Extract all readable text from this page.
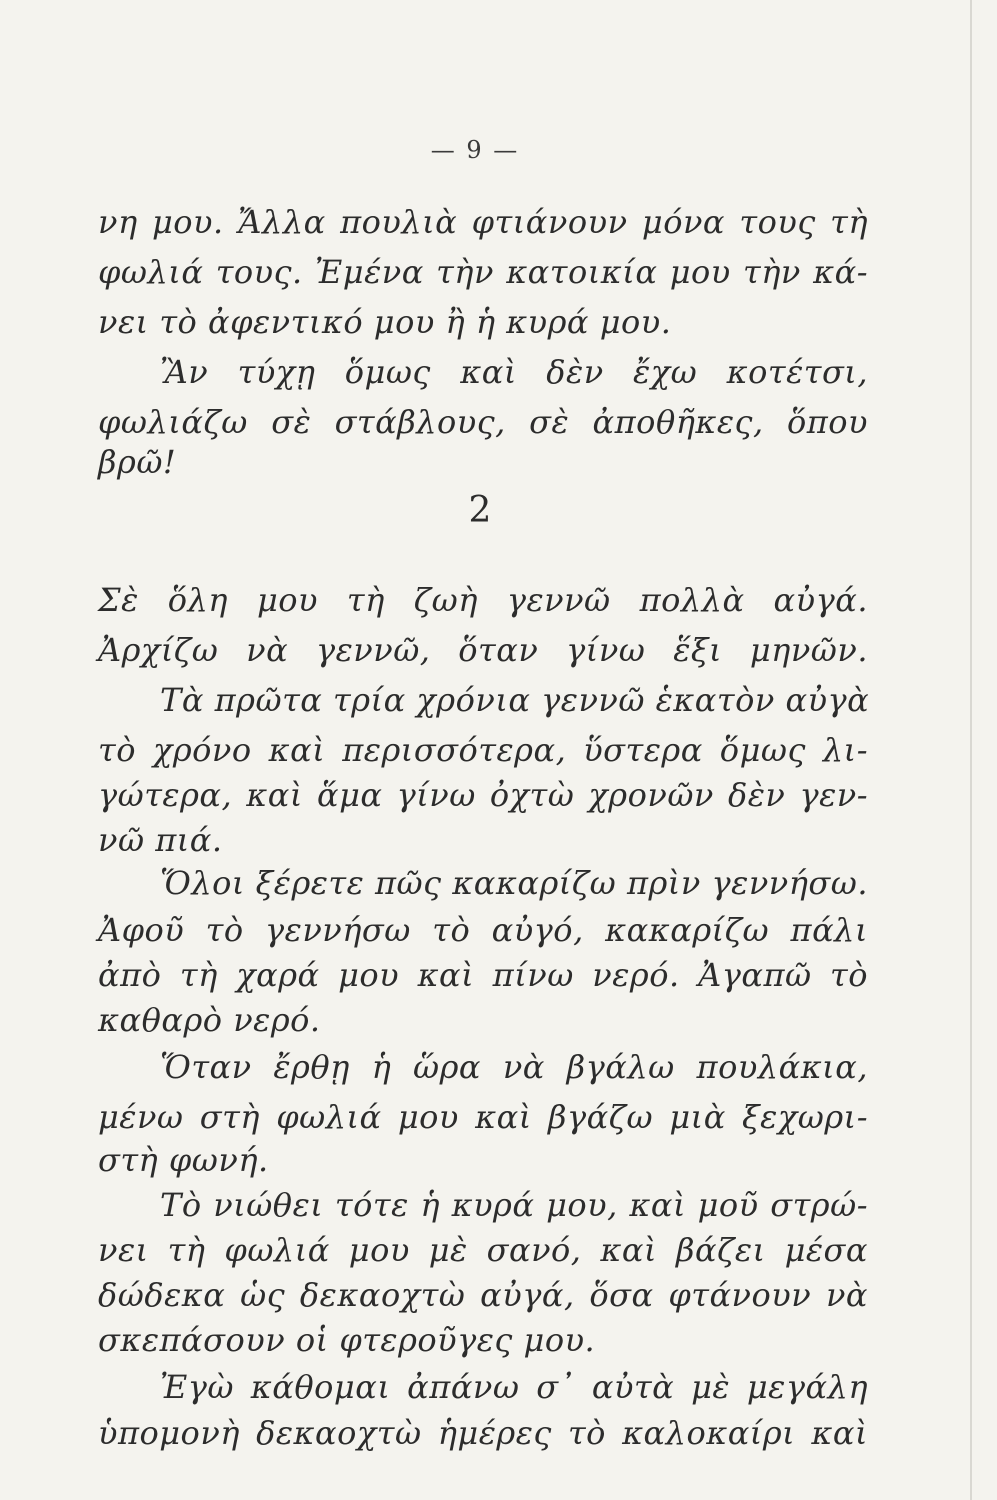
— 9 —
νη μου. Ἄλλα πουλιὰ φτιάνουν μόνα τους τὴ
φωλιά τους. Ἐμένα τὴν κατοικία μου τὴν κά-
νει τὸ ἀφεντικό μου ἢ ἡ κυρά μου.
Ἂν τύχῃ ὅμως καὶ δὲν ἔχω κοτέτσι,
φωλιάζω σὲ στάβλους, σὲ ἀποθῆκες, ὅπου
βρῶ!
2
Σὲ ὅλη μου τὴ ζωὴ γεννῶ πολλὰ αὐγά.
Ἀρχίζω νὰ γεννῶ, ὅταν γίνω ἕξι μηνῶν.
Τὰ πρῶτα τρία χρόνια γεννῶ ἑκατὸν αὐγὰ
τὸ χρόνο καὶ περισσότερα, ὕστερα ὅμως λι-
γώτερα, καὶ ἅμα γίνω ὀχτὼ χρονῶν δὲν γεν-
νῶ πιά.
Ὅλοι ξέρετε πῶς κακαρίζω πρὶν γεννήσω.
Ἀφοῦ τὸ γεννήσω τὸ αὐγό, κακαρίζω πάλι
ἀπὸ τὴ χαρά μου καὶ πίνω νερό. Ἀγαπῶ τὸ
καθαρὸ νερό.
Ὅταν ἔρθῃ ἡ ὥρα νὰ βγάλω πουλάκια,
μένω στὴ φωλιά μου καὶ βγάζω μιὰ ξεχωρι-
στὴ φωνή.
Τὸ νιώθει τότε ἡ κυρά μου, καὶ μοῦ στρώ-
νει τὴ φωλιά μου μὲ σανό, καὶ βάζει μέσα
δώδεκα ὡς δεκαοχτὼ αὐγά, ὅσα φτάνουν νὰ
σκεπάσουν οἱ φτεροῦγες μου.
Ἐγὼ κάθομαι ἀπάνω σ᾽ αὐτὰ μὲ μεγάλη
ὑπομονὴ δεκαοχτὼ ἡμέρες τὸ καλοκαίρι καὶ
